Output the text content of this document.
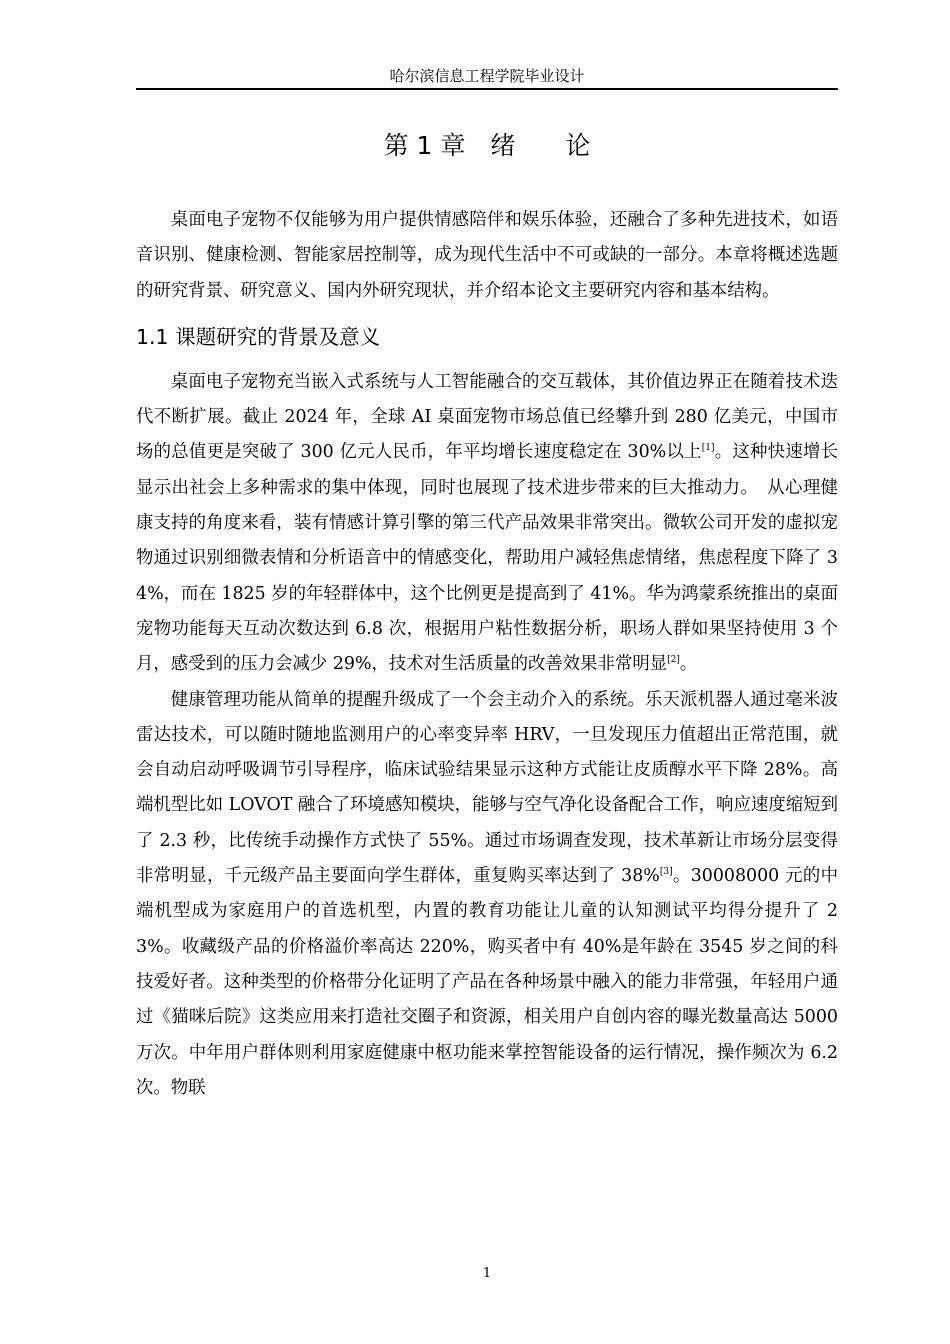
哈尔滨信息工程学院毕业设计
第 1 章　 绪　　论

桌面电子宠物不仅能够为用户提供情感陪伴和娱乐体验，还融合了多种先进技术，如语音识别、健康检测、智能家居控制等，成为现代生活中不可或缺的一部分。本章将概述选题的研究背景、研究意义、国内外研究现状，并介绍本论文主要研究内容和基本结构。

1.1 课题研究的背景及意义

桌面电子宠物充当嵌入式系统与人工智能融合的交互载体，其价值边界正在随着技术迭代不断扩展。截止 2024 年，全球 AI 桌面宠物市场总值已经攀升到 280 亿美元，中国市场的总值更是突破了 300 亿元人民币，年平均增长速度稳定在 30%以上[1]。这种快速增长显示出社会上多种需求的集中体现，同时也展现了技术进步带来的巨大推动力。　从心理健康支持的角度来看，装有情感计算引擎的第三代产品效果非常突出。微软公司开发的虚拟宠物通过识别细微表情和分析语音中的情感变化，帮助用户减轻焦虑情绪，焦虑程度下降了 34%，而在 1825 岁的年轻群体中，这个比例更是提高到了 41%。华为鸿蒙系统推出的桌面宠物功能每天互动次数达到 6.8 次，根据用户粘性数据分析，职场人群如果坚持使用 3 个月，感受到的压力会减少 29%，技术对生活质量的改善效果非常明显[2]。

健康管理功能从简单的提醒升级成了一个会主动介入的系统。乐天派机器人通过毫米波雷达技术，可以随时随地监测用户的心率变异率 HRV，一旦发现压力值超出正常范围，就会自动启动呼吸调节引导程序，临床试验结果显示这种方式能让皮质醇水平下降 28%。高端机型比如 LOVOT 融合了环境感知模块，能够与空气净化设备配合工作，响应速度缩短到了 2.3 秒，比传统手动操作方式快了 55%。通过市场调查发现，技术革新让市场分层变得非常明显，千元级产品主要面向学生群体，重复购买率达到了 38%[3]。30008000 元的中端机型成为家庭用户的首选机型，内置的教育功能让儿童的认知测试平均得分提升了 23%。收藏级产品的价格溢价率高达 220%，购买者中有 40%是年龄在 3545 岁之间的科技爱好者。这种类型的价格带分化证明了产品在各种场景中融入的能力非常强，年轻用户通过《猫咪后院》这类应用来打造社交圈子和资源，相关用户自创内容的曝光数量高达 5000 万次。中年用户群体则利用家庭健康中枢功能来掌控智能设备的运行情况，操作频次为 6.2 次。物联

1
